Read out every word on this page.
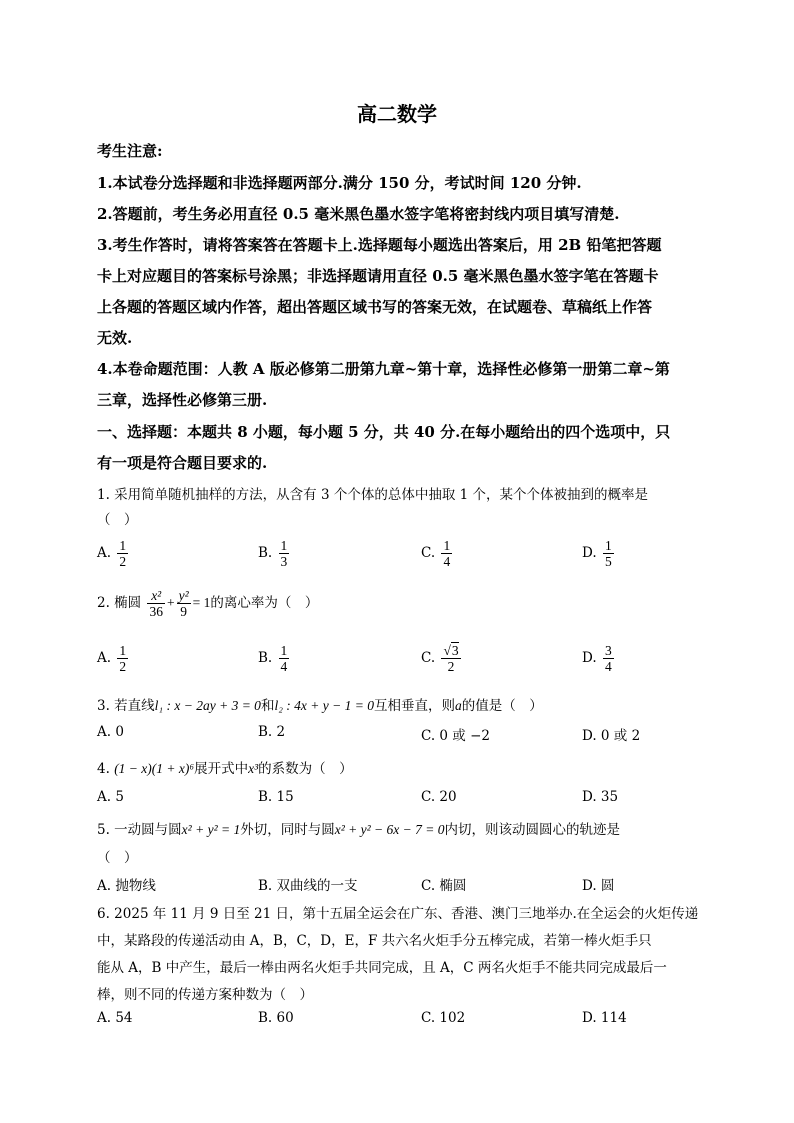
高二数学
考生注意:
1.本试卷分选择题和非选择题两部分.满分 150 分，考试时间 120 分钟.
2.答题前，考生务必用直径 0.5 毫米黑色墨水签字笔将密封线内项目填写清楚.
3.考生作答时，请将答案答在答题卡上.选择题每小题选出答案后，用 2B 铅笔把答题
卡上对应题目的答案标号涂黑；非选择题请用直径 0.5 毫米黑色墨水签字笔在答题卡
上各题的答题区域内作答，超出答题区域书写的答案无效，在试题卷、草稿纸上作答
无效.
4.本卷命题范围：人教 A 版必修第二册第九章~第十章，选择性必修第一册第二章~第
三章，选择性必修第三册.
一、选择题：本题共 8 小题，每小题 5 分，共 40 分.在每小题给出的四个选项中，只
有一项是符合题目要求的.
1. 采用简单随机抽样的方法，从含有 3 个个体的总体中抽取 1 个，某个个体被抽到的概率是
（　）
A. $\frac{1}{2}$	B. $\frac{1}{3}$	C. $\frac{1}{4}$	D. $\frac{1}{5}$
2. 椭圆 $\frac{\text{x²}}{36} + \frac{\text{y²}}{9} = 1$的离心率为（　）
A. $\frac{1}{2}$	B. $\frac{1}{4}$	C. $\frac{√3}{2}$	D. $\frac{3}{4}$
3. 若直线l₁ : x − 2ay + 3 = 0和l₂ : 4x + y − 1 = 0互相垂直，则a的值是（　）
A. 0	B. 2	C. 0 或 −2	D. 0 或 2
4. (1 − x)(1 + x)⁶展开式中x³的系数为（　）
A. 5	B. 15	C. 20	D. 35
5. 一动圆与圆x² + y² = 1外切，同时与圆x² + y² − 6x − 7 = 0内切，则该动圆圆心的轨迹是
（　）
A. 抛物线	B. 双曲线的一支	C. 椭圆	D. 圆
6. 2025 年 11 月 9 日至 21 日，第十五届全运会在广东、香港、澳门三地举办.在全运会的火炬传递
中，某路段的传递活动由 A，B，C，D，E，F 共六名火炬手分五棒完成，若第一棒火炬手只
能从 A，B 中产生，最后一棒由两名火炬手共同完成，且 A，C 两名火炬手不能共同完成最后一
棒，则不同的传递方案种数为（　）
A. 54	B. 60	C. 102	D. 114
